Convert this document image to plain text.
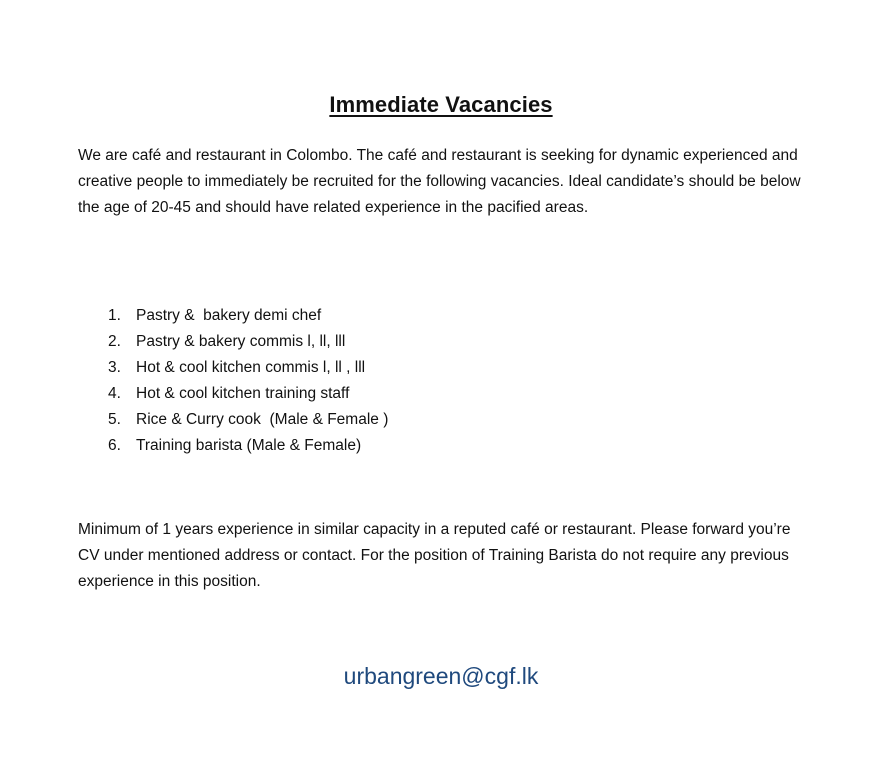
Immediate Vacancies

We are café and restaurant in Colombo. The café and restaurant is seeking for dynamic experienced and creative people to immediately be recruited for the following vacancies. Ideal candidate’s should be below the age of 20-45 and should have related experience in the pacified areas.

1. Pastry &  bakery demi chef
2. Pastry & bakery commis l, ll, lll
3. Hot & cool kitchen commis l, ll , lll
4. Hot & cool kitchen training staff
5. Rice & Curry cook  (Male & Female )
6. Training barista (Male & Female)

Minimum of 1 years experience in similar capacity in a reputed café or restaurant. Please forward you’re CV under mentioned address or contact. For the position of Training Barista do not require any previous experience in this position.

urbangreen@cgf.lk
